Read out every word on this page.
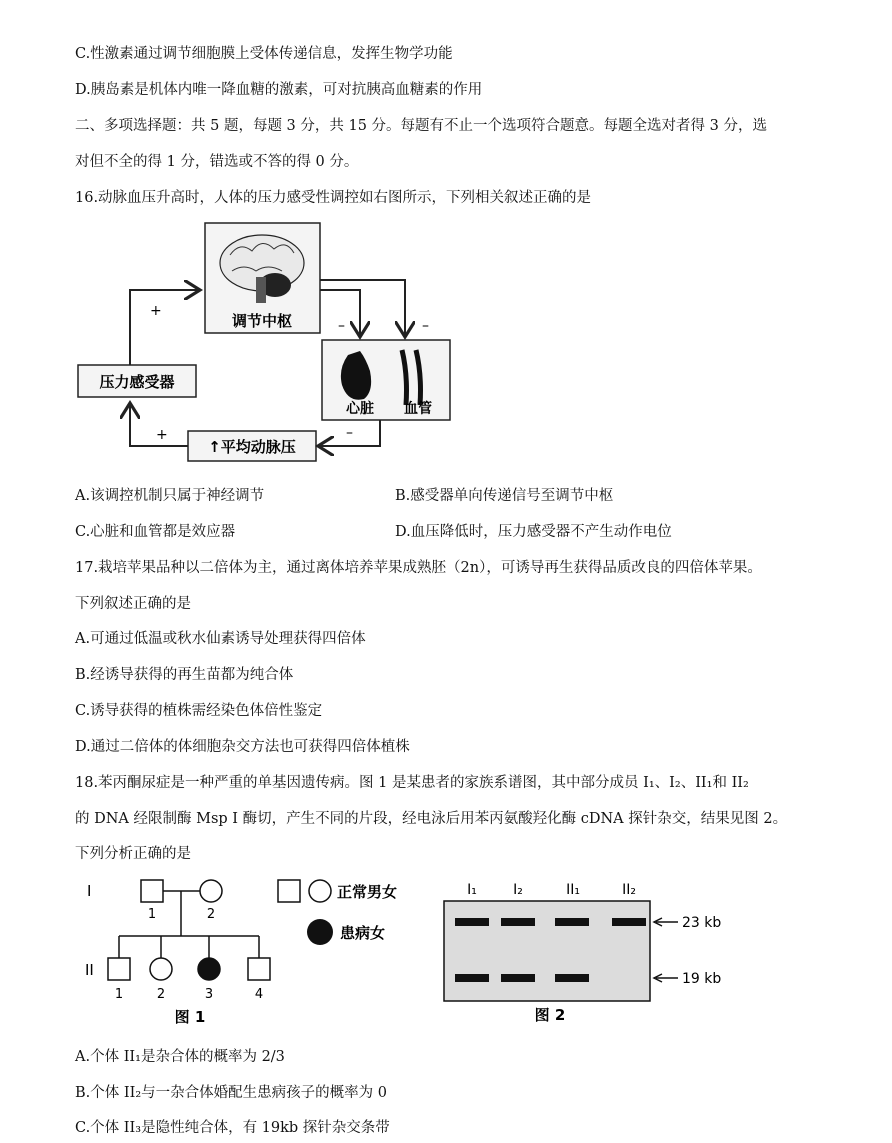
C.性激素通过调节细胞膜上受体传递信息，发挥生物学功能
D.胰岛素是机体内唯一降血糖的激素，可对抗胰高血糖素的作用
二、多项选择题：共 5 题，每题 3 分，共 15 分。每题有不止一个选项符合题意。每题全选对者得 3 分，选
对但不全的得 1 分，错选或不答的得 0 分。
16.动脉血压升高时，人体的压力感受性调控如右图所示，下列相关叙述正确的是
调节中枢
心脏 血管
压力感受器
↑平均动脉压
+
+
–	–
–
A.该调控机制只属于神经调节	B.感受器单向传递信号至调节中枢
C.心脏和血管都是效应器	D.血压降低时，压力感受器不产生动作电位
17.栽培苹果品种以二倍体为主，通过离体培养苹果成熟胚（2n），可诱导再生获得品质改良的四倍体苹果。
下列叙述正确的是
A.可通过低温或秋水仙素诱导处理获得四倍体
B.经诱导获得的再生苗都为纯合体
C.诱导获得的植株需经染色体倍性鉴定
D.通过二倍体的体细胞杂交方法也可获得四倍体植株
18.苯丙酮尿症是一种严重的单基因遗传病。图 1 是某患者的家族系谱图，其中部分成员 I₁、I₂、II₁和 II₂
的 DNA 经限制酶 Msp I 酶切，产生不同的片段，经电泳后用苯丙氨酸羟化酶 cDNA 探针杂交，结果见图 2。
下列分析正确的是
I
II
1	2
1	2	3	4
图 1
正常男女
患病女
I₁	I₂	II₁	II₂
23 kb
19 kb
图 2
A.个体 II₁是杂合体的概率为 2/3
B.个体 II₂与一杂合体婚配生患病孩子的概率为 0
C.个体 II₃是隐性纯合体，有 19kb 探针杂交条带
